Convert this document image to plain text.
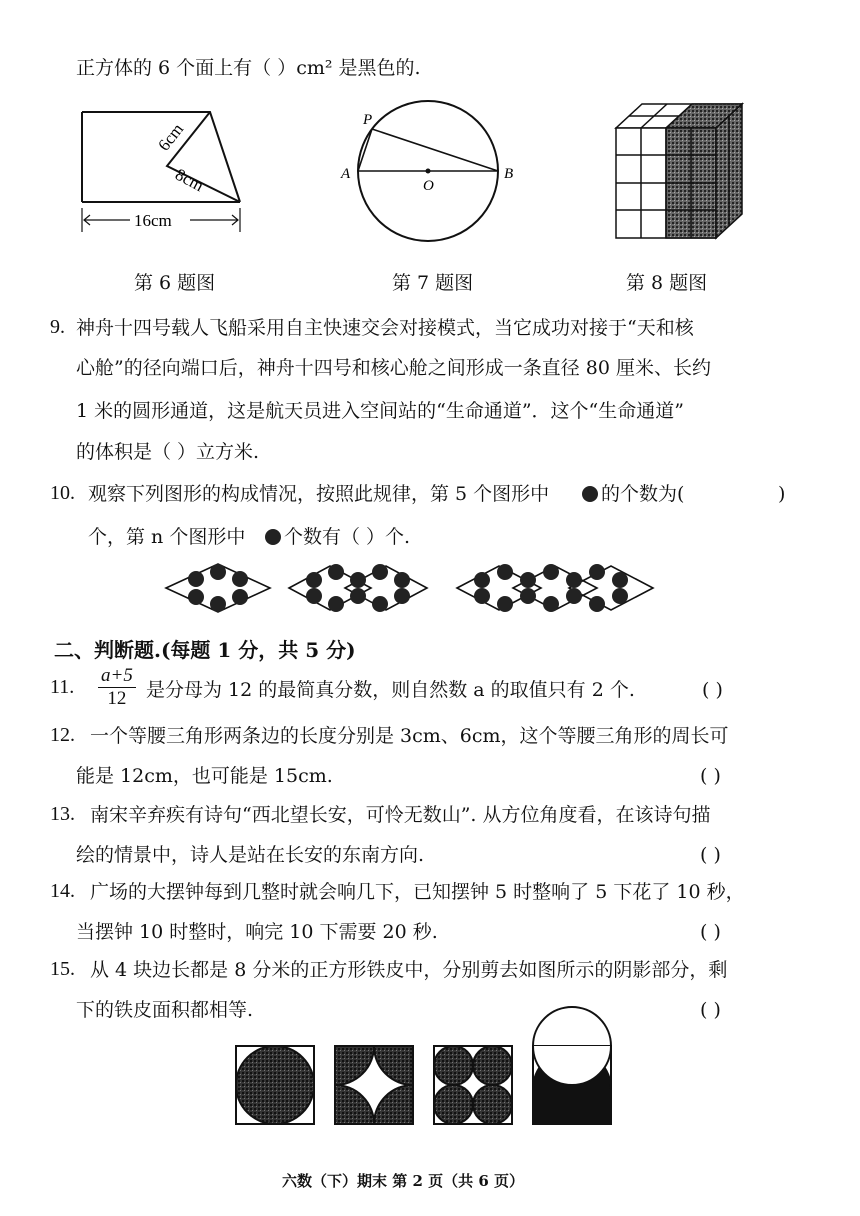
正方体的 6 个面上有（ ）cm² 是黑色的.
6cm
8cm
16cm
第 6 题图
P
A
O
B
第 7 题图	第 8 题图
9. 神舟十四号载人飞船采用自主快速交会对接模式，当它成功对接于“天和核
心舱”的径向端口后，神舟十四号和核心舱之间形成一条直径 80 厘米、长约
1 米的圆形通道，这是航天员进入空间站的“生命通道”．这个“生命通道”
的体积是（ ）立方米.
10. 观察下列图形的构成情况，按照此规律，第 5 个图形中	的个数为(	)
个，第 n 个图形中 个数有（ ）个.
二、判断题.(每题 1 分，共 5 分)
11. $\frac{a+5}{12}$ 是分母为 12 的最简真分数，则自然数 a 的取值只有 2 个.	( )
12. 一个等腰三角形两条边的长度分别是 3cm、6cm，这个等腰三角形的周长可
能是 12cm，也可能是 15cm.	( )
13. 南宋辛弃疾有诗句“西北望长安，可怜无数山”. 从方位角度看，在该诗句描
绘的情景中，诗人是站在长安的东南方向.	( )
14. 广场的大摆钟每到几整时就会响几下，已知摆钟 5 时整响了 5 下花了 10 秒，
当摆钟 10 时整时，响完 10 下需要 20 秒.	( )
15. 从 4 块边长都是 8 分米的正方形铁皮中，分别剪去如图所示的阴影部分，剩
下的铁皮面积都相等.	( )
六数（下）期末 第 2 页（共 6 页）
